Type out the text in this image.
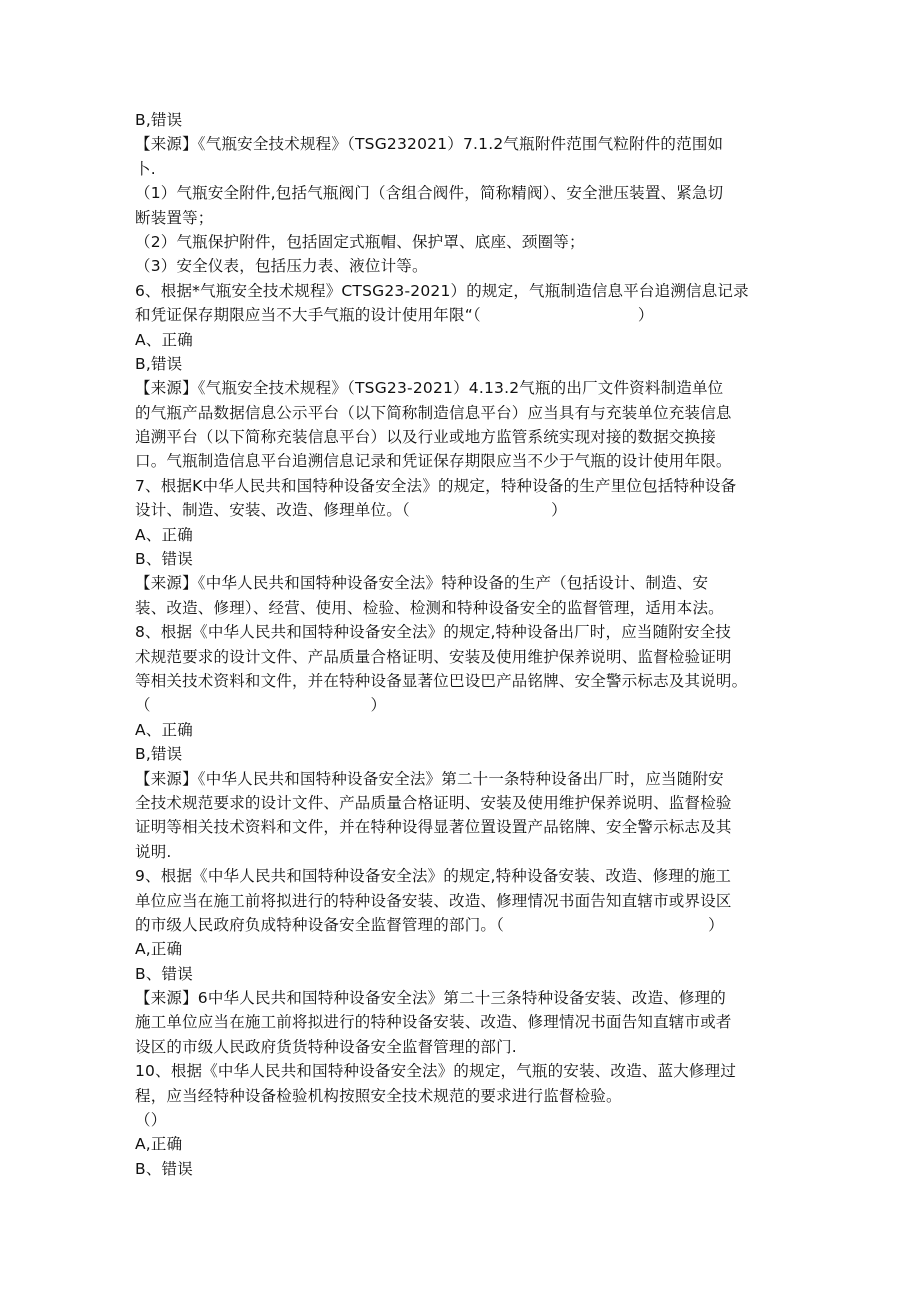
B,错误
【来源】《气瓶安全技术规程》（TSG232021）7.1.2气瓶附件范围气粒附件的范围如
卜.
（1）气瓶安全附件,包括气瓶阀门（含组合阀件，简称精阀）、安全泄压装置、紧急切
断装置等；
（2）气瓶保护附件，包括固定式瓶帽、保护罩、底座、颈圈等；
（3）安全仪表，包括压力表、液位计等。
6、根据*气瓶安全技术规程》CTSG23-2021）的规定，气瓶制造信息平台追溯信息记录
和凭证保存期限应当不大手气瓶的设计使用年限“（　　　　　　　　　　）
A、正确
B,错误
【来源】《气瓶安全技术规程》（TSG23-2021）4.13.2气瓶的出厂文件资料制造单位
的气瓶产品数据信息公示平台（以下简称制造信息平台）应当具有与充装单位充装信息
追溯平台（以下简称充装信息平台）以及行业或地方监管系统实现对接的数据交换接
口。气瓶制造信息平台追溯信息记录和凭证保存期限应当不少于气瓶的设计使用年限。
7、根据K中华人民共和国特种设备安全法》的规定，特种设备的生产里位包括特种设备
设计、制造、安装、改造、修理单位。（　　　　　　　　　）
A、正确
B、错误
【来源】《中华人民共和国特种设备安全法》特种设备的生产（包括设计、制造、安
装、改造、修理）、经营、使用、检验、检测和特种设备安全的监督管理，适用本法。
8、根据《中华人民共和国特种设备安全法》的规定,特种设备出厂时，应当随附安全技
术规范要求的设计文件、产品质量合格证明、安装及使用维护保养说明、监督检验证明
等相关技术资料和文件，并在特种设备显著位巴设巴产品铭牌、安全警示标志及其说明。
（　　　　　　　　　　　　　　）
A、正确
B,错误
【来源】《中华人民共和国特种设备安全法》第二十一条特种设备出厂时，应当随附安
全技术规范要求的设计文件、产品质量合格证明、安装及使用维护保养说明、监督检验
证明等相关技术资料和文件，并在特种设得显著位置设置产品铭牌、安全警示标志及其
说明.
9、根据《中华人民共和国特种设备安全法》的规定,特种设备安装、改造、修理的施工
单位应当在施工前将拟进行的特种设备安装、改造、修理情况书面告知直辖市或界设区
的市级人民政府负成特种设备安全监督管理的部门。（　　　　　　　　　　　　　）
A,正确
B、错误
【来源】6中华人民共和国特种设备安全法》第二十三条特种设备安装、改造、修理的
施工单位应当在施工前将拟进行的特种设备安装、改造、修理情况书面告知直辖市或者
设区的市级人民政府货货特种设备安全监督管理的部门.
10、根据《中华人民共和国特种设备安全法》的规定，气瓶的安装、改造、蓝大修理过
程，应当经特种设备检验机构按照安全技术规范的要求进行监督检验。
（）
A,正确
B、错误
